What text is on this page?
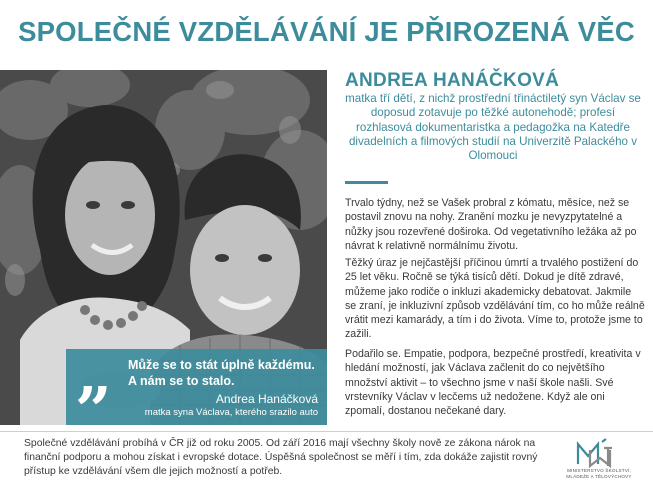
SPOLEČNÉ VZDĚLÁVÁNÍ JE PŘIROZENÁ VĚC
„	Může se to stát úplně každému.
A nám se to stalo.
Andrea Hanáčková
matka syna Václava, kterého srazilo auto
ANDREA HANÁČKOVÁ
matka tří dětí, z nichž prostřední třináctiletý syn Václav se doposud zotavuje po těžké autonehodě; profesí rozhlasová dokumentaristka a pedagožka na Katedře divadelních a filmových studií na Univerzitě Palackého v Olomouci
Trvalo týdny, než se Vašek probral z kómatu, měsíce, než se postavil znovu na nohy. Zranění mozku je nevyzpytatelné a nůžky jsou rozevřené doširoka. Od vegetativního ležáka až po návrat k relativně normálnímu životu.
Těžký úraz je nejčastější příčinou úmrtí a trvalého postižení do 25 let věku. Ročně se týká tisíců dětí. Dokud je dítě zdravé, můžeme jako rodiče o inkluzi akademicky debatovat. Jakmile se zraní, je inkluzivní způsob vzdělávání tím, co ho může reálně vrátit mezi kamarády, a tím i do života. Víme to, protože jsme to zažili.
Podařilo se. Empatie, podpora, bezpečné prostředí, kreativita v hledání možností, jak Václava začlenit do co největšího množství aktivit – to všechno jsme v naší škole našli. Své vrstevníky Václav v lecčems už nedožene. Když ale oni zpomalí, dostanou nečekané dary.
Společné vzdělávání probíhá v ČR již od roku 2005. Od září 2016 mají všechny školy nově ze zákona nárok na finanční podporu a mohou získat i evropské dotace. Úspěšná společnost se měří i tím, zda dokáže zajistit rovný přístup ke vzdělávání všem dle jejich možností a potřeb.	MINISTERSTVO ŠKOLSTVÍ, MLÁDEŽE A TĚLOVÝCHOVY
